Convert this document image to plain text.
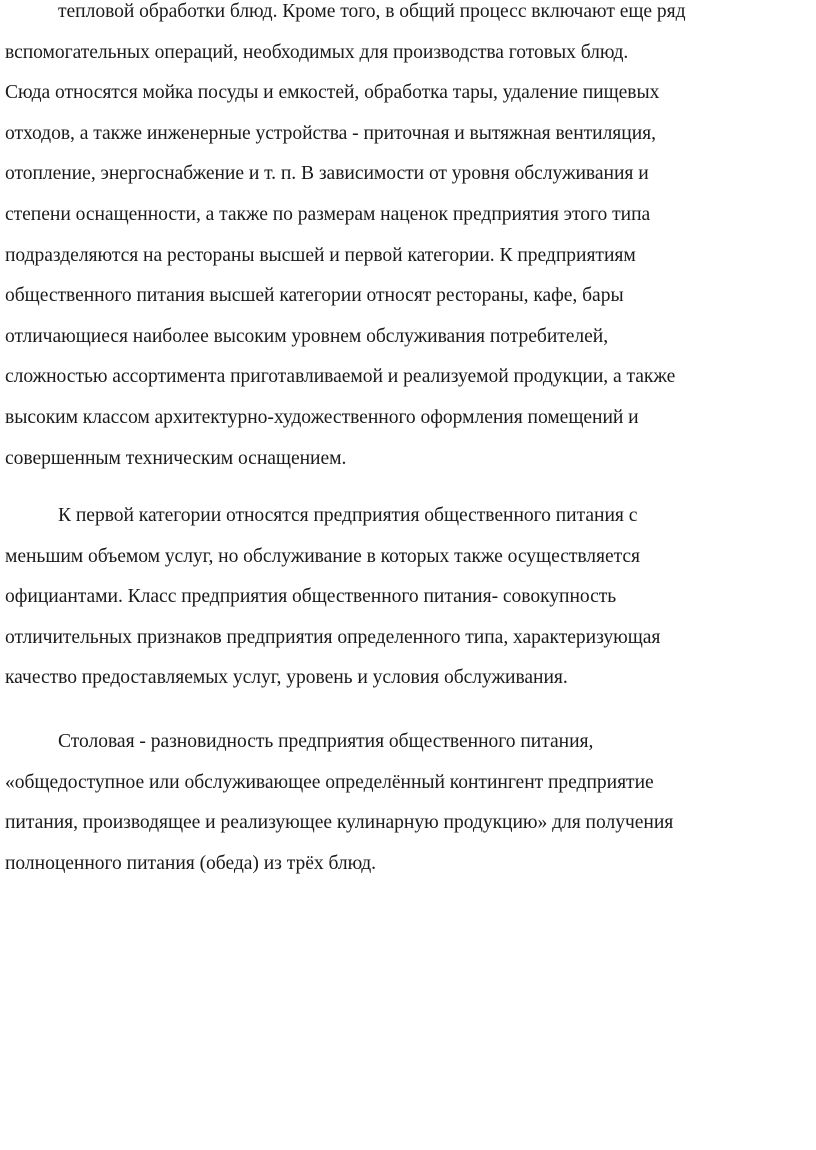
тепловой обработки блюд. Кроме того, в общий процесс включают еще ряд
вспомогательных операций, необходимых для производства готовых блюд.
Сюда относятся мойка посуды и емкостей, обработка тары, удаление пищевых
отходов, а также инженерные устройства - приточная и вытяжная вентиляция,
отопление, энергоснабжение и т. п. В зависимости от уровня обслуживания и
степени оснащенности, а также по размерам наценок предприятия этого типа
подразделяются на рестораны высшей и первой категории. К предприятиям
общественного питания высшей категории относят рестораны, кафе, бары
отличающиеся наиболее высоким уровнем обслуживания потребителей,
сложностью ассортимента приготавливаемой и реализуемой продукции, а также
высоким классом архитектурно-художественного оформления помещений и
совершенным техническим оснащением.
К первой категории относятся предприятия общественного питания с
меньшим объемом услуг, но обслуживание в которых также осуществляется
официантами. Класс предприятия общественного питания- совокупность
отличительных признаков предприятия определенного типа, характеризующая
качество предоставляемых услуг, уровень и условия обслуживания.
Столовая - разновидность предприятия общественного питания,
«общедоступное или обслуживающее определённый контингент предприятие
питания, производящее и реализующее кулинарную продукцию» для получения
полноценного питания (обеда) из трёх блюд.
